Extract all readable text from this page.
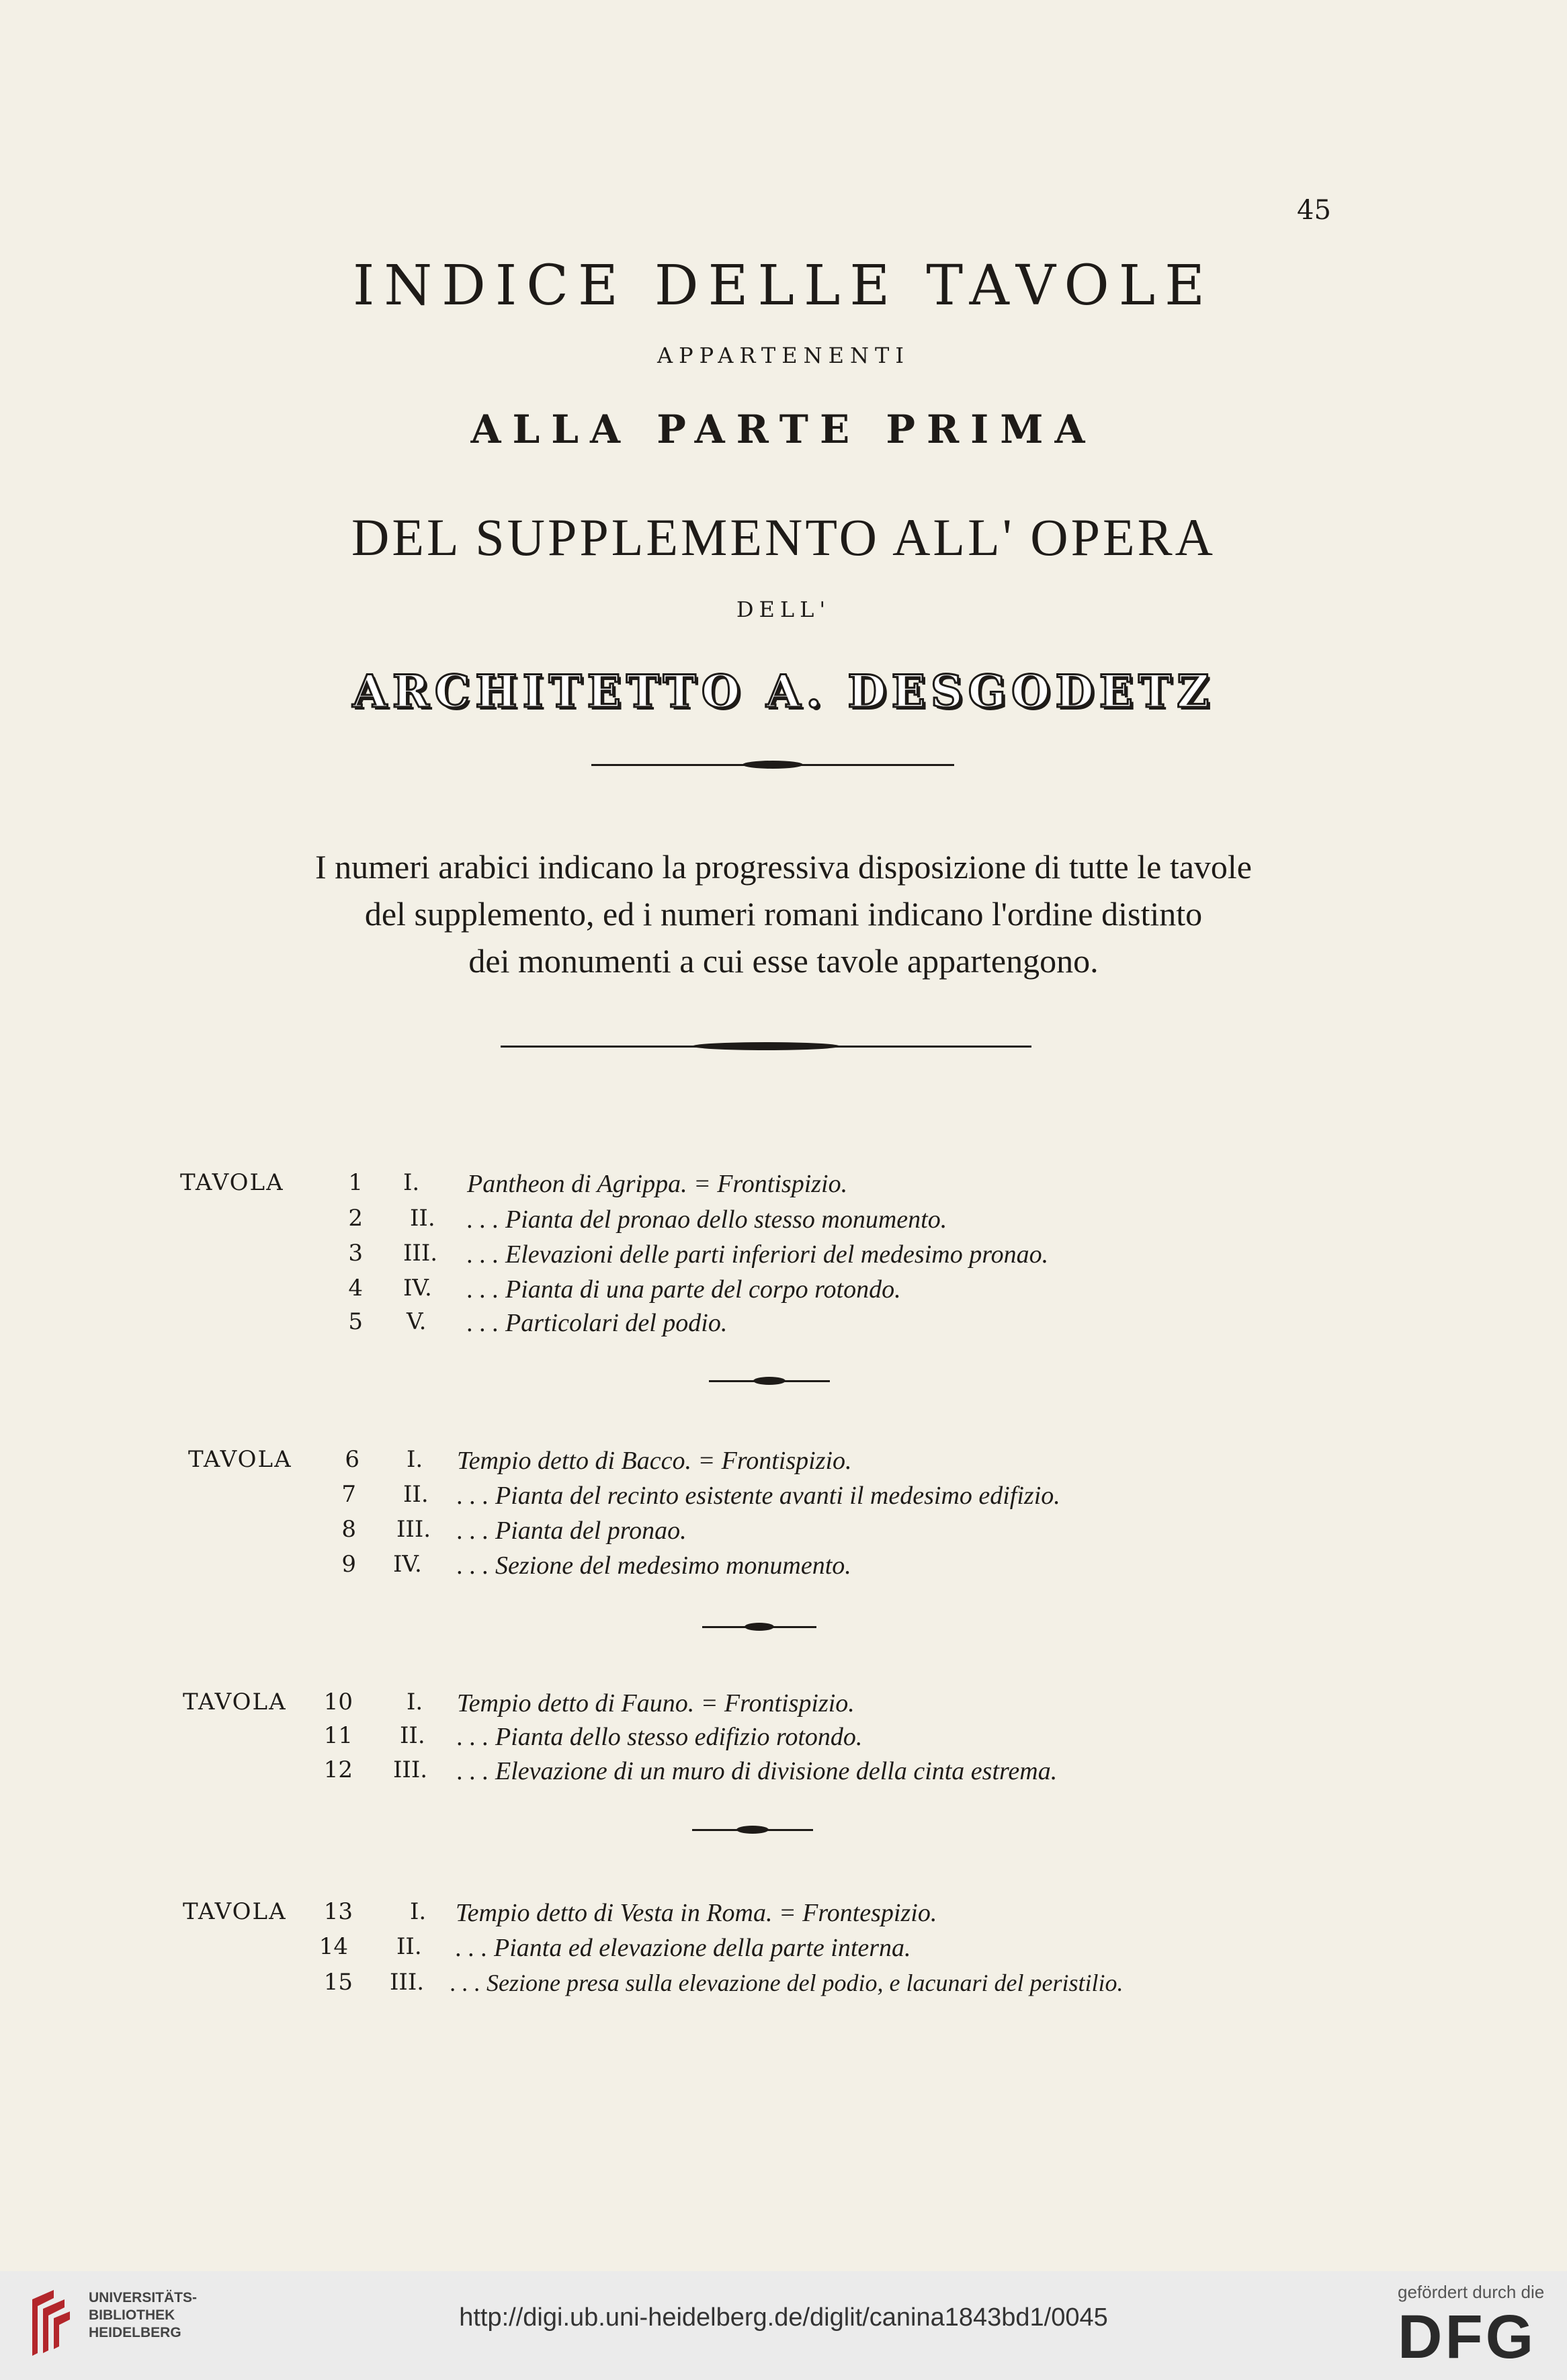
45
INDICE DELLE TAVOLE
APPARTENENTI
ALLA PARTE PRIMA
DEL SUPPLEMENTO ALL' OPERA
DELL'
ARCHITETTO A. DESGODETZ
I numeri arabici indicano la progressiva disposizione di tutte le tavole
del supplemento, ed i numeri romani indicano l'ordine distinto
dei monumenti a cui esse tavole appartengono.
TAVOLA	1 I. Pantheon di Agrippa. = Frontispizio.
2 II. . . . Pianta del pronao dello stesso monumento.
3 III. . . . Elevazioni delle parti inferiori del medesimo pronao.
4 IV. . . . Pianta di una parte del corpo rotondo.
5 V. . . . Particolari del podio.
TAVOLA	6 I. Tempio detto di Bacco. = Frontispizio.
7 II. . . . Pianta del recinto esistente avanti il medesimo edifizio.
8 III. . . . Pianta del pronao.
9 IV. . . . Sezione del medesimo monumento.
TAVOLA	10 I. Tempio detto di Fauno. = Frontispizio.
11 II. . . . Pianta dello stesso edifizio rotondo.
12 III. . . . Elevazione di un muro di divisione della cinta estrema.
TAVOLA	13	I. Tempio detto di Vesta in Roma. = Frontespizio.
14 II. . . . Pianta ed elevazione della parte interna.
15 III. . . . Sezione presa sulla elevazione del podio, e lacunari del peristilio.
UNIVERSITÄTS-
BIBLIOTHEK
HEIDELBERG
http://digi.ub.uni-heidelberg.de/diglit/canina1843bd1/0045
gefördert durch die
DFG
